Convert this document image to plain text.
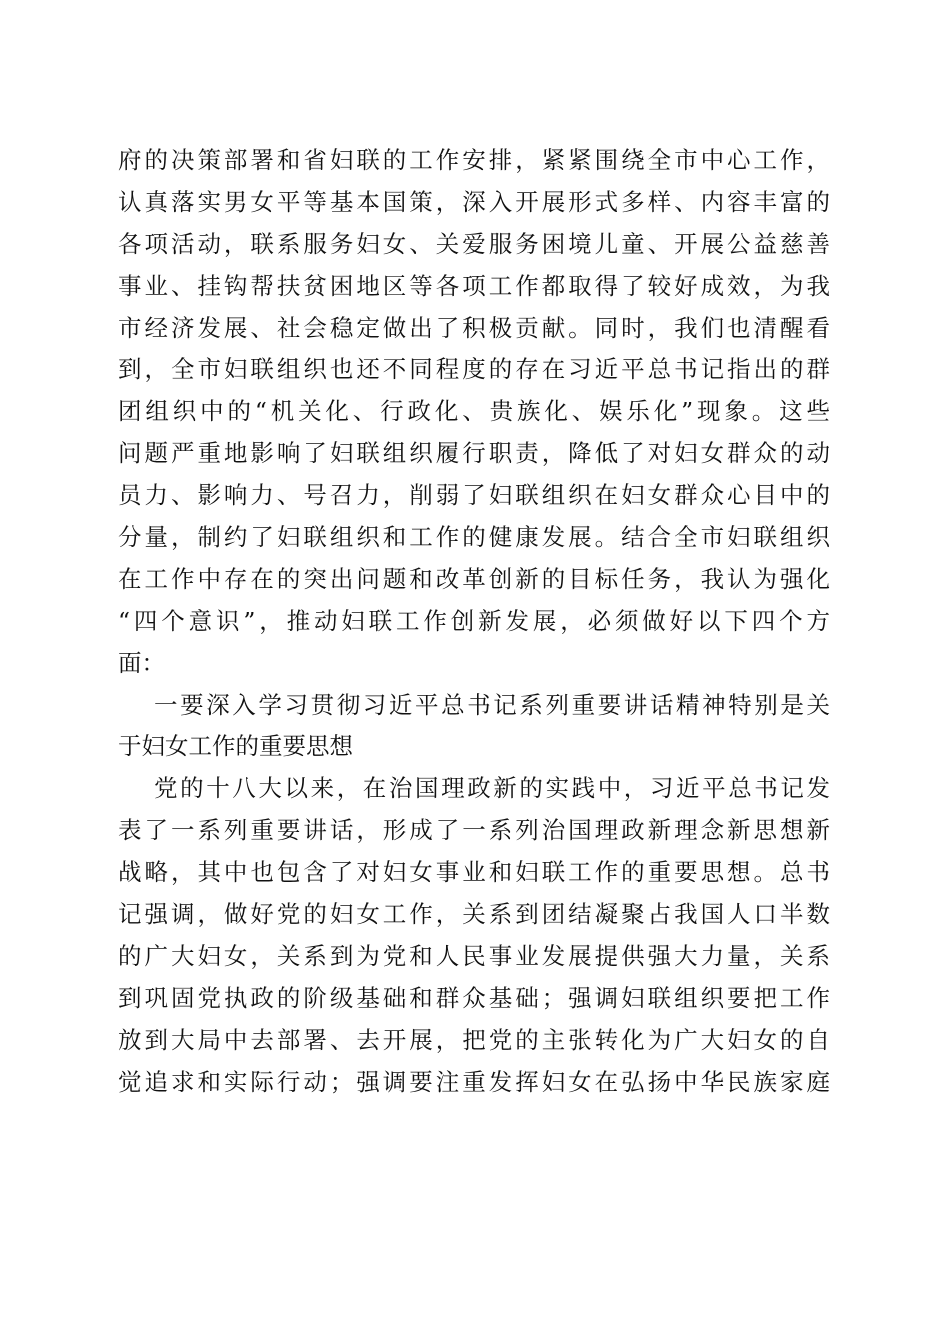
府的决策部署和省妇联的工作安排，紧紧围绕全市中心工作，
认真落实男女平等基本国策，深入开展形式多样、内容丰富的
各项活动，联系服务妇女、关爱服务困境儿童、开展公益慈善
事业、挂钩帮扶贫困地区等各项工作都取得了较好成效，为我
市经济发展、社会稳定做出了积极贡献。同时，我们也清醒看
到，全市妇联组织也还不同程度的存在习近平总书记指出的群
团组织中的“机关化、行政化、贵族化、娱乐化”现象。这些
问题严重地影响了妇联组织履行职责，降低了对妇女群众的动
员力、影响力、号召力，削弱了妇联组织在妇女群众心目中的
分量，制约了妇联组织和工作的健康发展。结合全市妇联组织
在工作中存在的突出问题和改革创新的目标任务，我认为强化
“四个意识”，推动妇联工作创新发展，必须做好以下四个方
面：
一要深入学习贯彻习近平总书记系列重要讲话精神特别是关
于妇女工作的重要思想
党的十八大以来，在治国理政新的实践中，习近平总书记发
表了一系列重要讲话，形成了一系列治国理政新理念新思想新
战略，其中也包含了对妇女事业和妇联工作的重要思想。总书
记强调，做好党的妇女工作，关系到团结凝聚占我国人口半数
的广大妇女，关系到为党和人民事业发展提供强大力量，关系
到巩固党执政的阶级基础和群众基础；强调妇联组织要把工作
放到大局中去部署、去开展，把党的主张转化为广大妇女的自
觉追求和实际行动；强调要注重发挥妇女在弘扬中华民族家庭
